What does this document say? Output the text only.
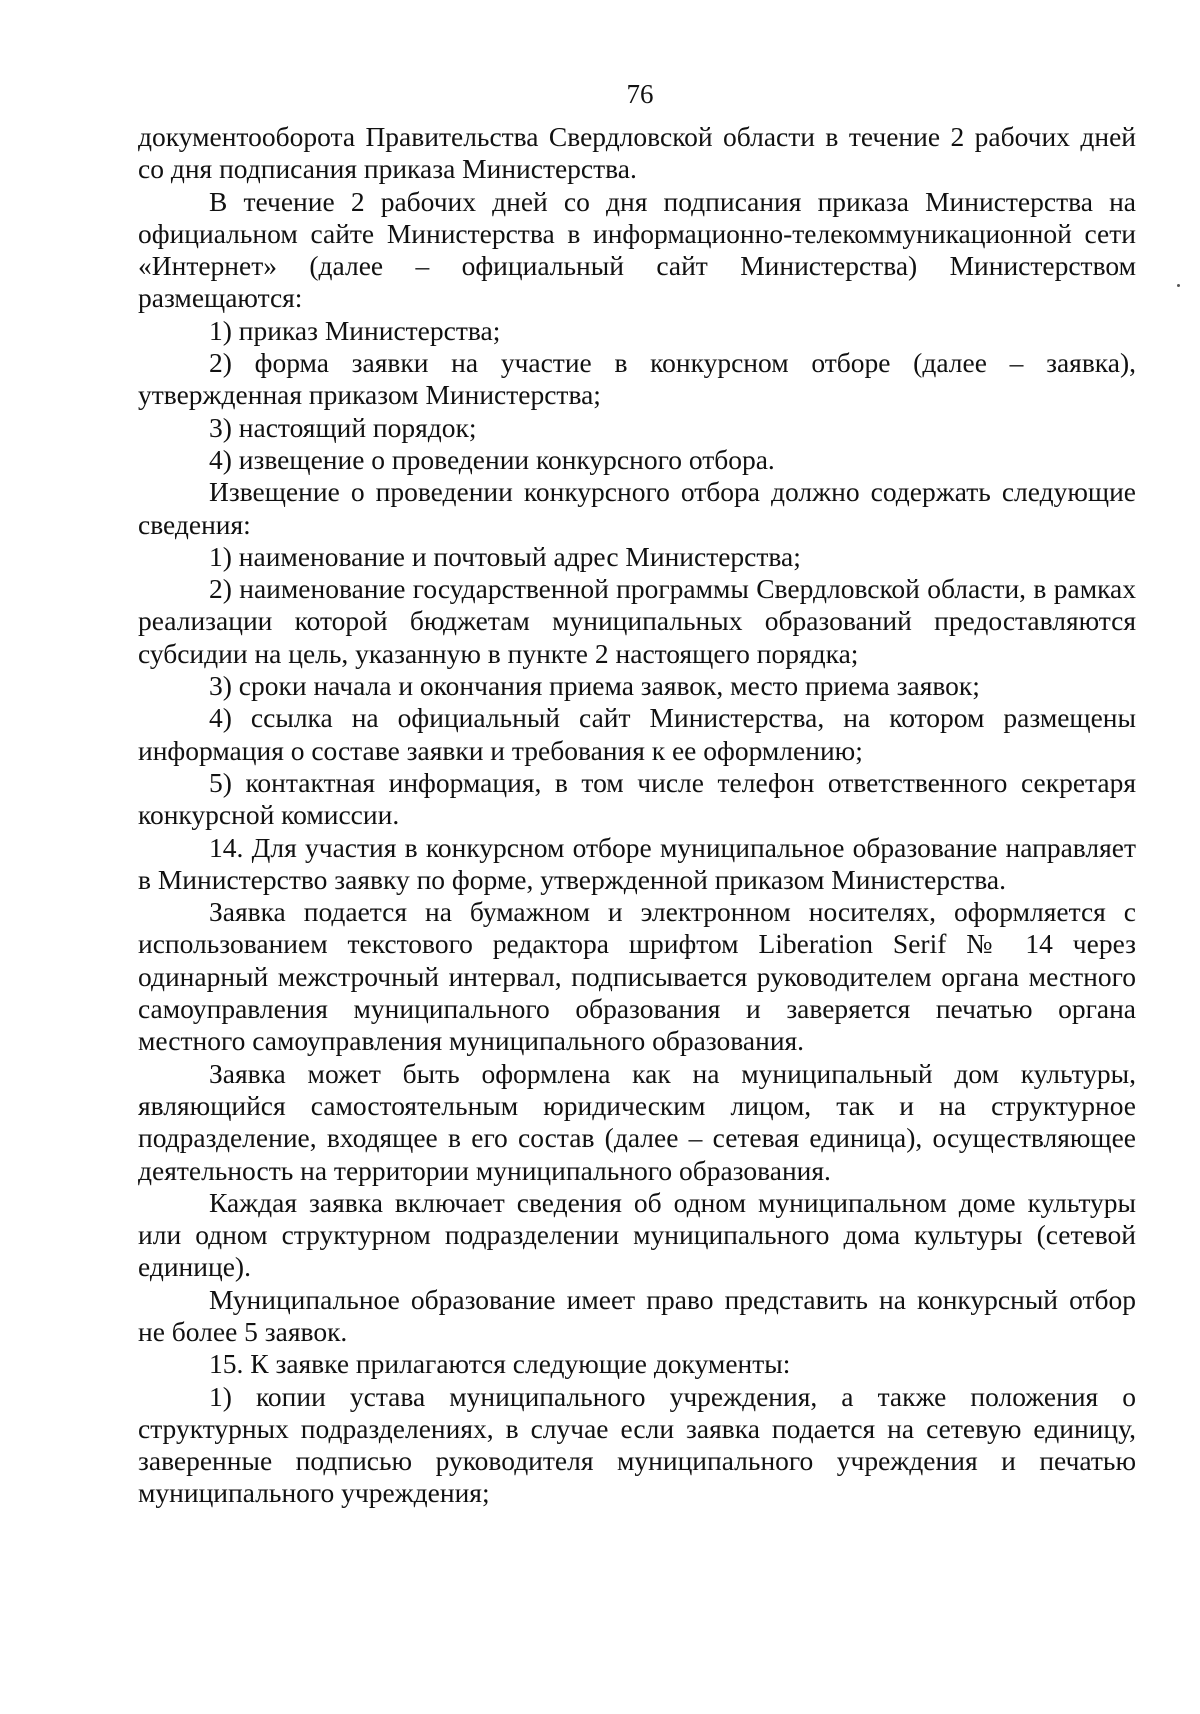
76

документооборота Правительства Свердловской области в течение 2 рабочих дней со дня подписания приказа Министерства.

В течение 2 рабочих дней со дня подписания приказа Министерства на официальном сайте Министерства в информационно-телекоммуникационной сети «Интернет» (далее – официальный сайт Министерства) Министерством размещаются:

1) приказ Министерства;

2) форма заявки на участие в конкурсном отборе (далее – заявка), утвержденная приказом Министерства;

3) настоящий порядок;

4) извещение о проведении конкурсного отбора.

Извещение о проведении конкурсного отбора должно содержать следующие сведения:

1) наименование и почтовый адрес Министерства;

2) наименование государственной программы Свердловской области, в рамках реализации которой бюджетам муниципальных образований предоставляются субсидии на цель, указанную в пункте 2 настоящего порядка;

3) сроки начала и окончания приема заявок, место приема заявок;

4) ссылка на официальный сайт Министерства, на котором размещены информация о составе заявки и требования к ее оформлению;

5) контактная информация, в том числе телефон ответственного секретаря конкурсной комиссии.

14. Для участия в конкурсном отборе муниципальное образование направляет в Министерство заявку по форме, утвержденной приказом Министерства.

Заявка подается на бумажном и электронном носителях, оформляется с использованием текстового редактора шрифтом Liberation Serif № 14 через одинарный межстрочный интервал, подписывается руководителем органа местного самоуправления муниципального образования и заверяется печатью органа местного самоуправления муниципального образования.

Заявка может быть оформлена как на муниципальный дом культуры, являющийся самостоятельным юридическим лицом, так и на структурное подразделение, входящее в его состав (далее – сетевая единица), осуществляющее деятельность на территории муниципального образования.

Каждая заявка включает сведения об одном муниципальном доме культуры или одном структурном подразделении муниципального дома культуры (сетевой единице).

Муниципальное образование имеет право представить на конкурсный отбор не более 5 заявок.

15. К заявке прилагаются следующие документы:

1) копии устава муниципального учреждения, а также положения о структурных подразделениях, в случае если заявка подается на сетевую единицу, заверенные подписью руководителя муниципального учреждения и печатью муниципального учреждения;
